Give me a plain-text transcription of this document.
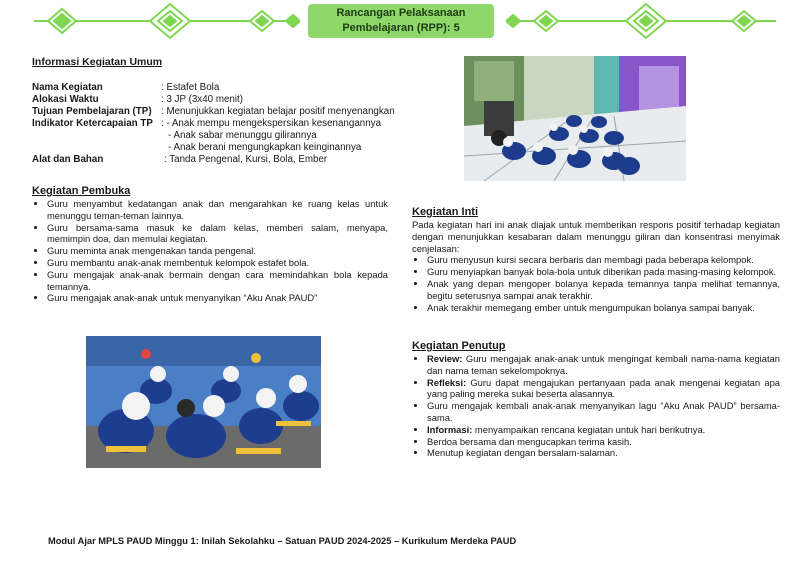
Rancangan Pelaksanaan
Pembelajaran (RPP): 5
Informasi Kegiatan Umum
Nama Kegiatan	: Estafet Bola
Alokasi Waktu	: 3 JP (3x40 menit)
Tujuan Pembelajaran (TP) : Menunjukkan kegiatan belajar positif menyenangkan
Indikator Ketercapaian TP : - Anak mempu mengekspersikan kesenangannya
- Anak sabar menunggu gilirannya
- Anak berani mengungkapkan keinginannya
Alat dan Bahan	: Tanda Pengenal, Kursi, Bola, Ember
Kegiatan Pembuka
• Guru menyambut kedatangan anak dan mengarahkan ke ruang kelas untuk menunggu teman-teman lainnya.
• Guru bersama-sama masuk ke dalam kelas, memberi salam, menyapa, memimpin doa, dan memulai kegiatan.
• Guru meminta anak mengenakan tanda pengenal.
• Guru membantu anak-anak membentuk kelompok estafet bola.
• Guru mengajak anak-anak bermain dengan cara memindahkan bola kepada temannya.
• Guru mengajak anak-anak untuk menyanyikan “Aku Anak PAUD”
Kegiatan Inti

Pada kegiatan hari ini anak diajak untuk memberikan respons positif terhadap kegiatan dengan menunjukkan kesabaran dalam menunggu giliran dan konsentrasi menyimak cenjelasan:

• Guru menyusun kursi secara berbaris dan membagi pada beberapa kelompok.
• Guru menyiapkan banyak bola-bola untuk diberikan pada masing-masing kelompok.
• Anak yang depan mengoper bolanya kepada temannya tanpa melihat temannya, begitu seterusnya sampai anak terakhir.
• Anak terakhir memegang ember untuk mengumpukan bolanya sampai banyak.
Kegiatan Penutup
• Review: Guru mengajak anak-anak untuk mengingat kembali nama-nama kegiatan dan nama teman sekelompoknya.
• Refleksi: Guru dapat mengajukan pertanyaan pada anak mengenai kegiatan apa yang paling mereka sukai beserta alasannya.
• Guru mengajak kembali anak-anak menyanyikan lagu “Aku Anak PAUD” bersama-sama.
• Informasi: menyampaikan rencana kegiatan untuk hari berikutnya.
• Berdoa bersama dan mengucapkan terima kasih.
• Menutup kegiatan dengan bersalam-salaman.
Modul Ajar MPLS PAUD Minggu 1: Inilah Sekolahku – Satuan PAUD 2024-2025 – Kurikulum Merdeka PAUD
